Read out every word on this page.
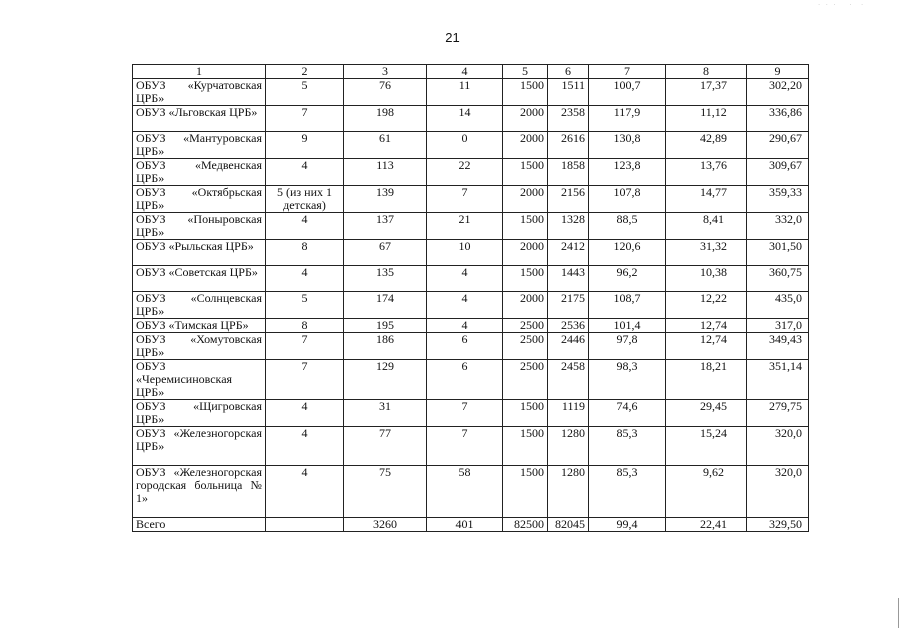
· · ·   ·  ·
21
1	2	3	4	5	6	7	8	9
ОБУЗ «Курчатовская ЦРБ»	5	76	11	1500	1511	100,7	17,37	302,20
ОБУЗ «Льговская ЦРБ»	7	198	14	2000	2358	117,9	11,12	336,86
ОБУЗ «Мантуровская ЦРБ»	9	61	0	2000	2616	130,8	42,89	290,67
ОБУЗ «Медвенская ЦРБ»	4	113	22	1500	1858	123,8	13,76	309,67
ОБУЗ «Октябрьская ЦРБ»	5 (из них 1 детская)	139	7	2000	2156	107,8	14,77	359,33
ОБУЗ «Поныровская ЦРБ»	4	137	21	1500	1328	88,5	8,41	332,0
ОБУЗ «Рыльская ЦРБ»	8	67	10	2000	2412	120,6	31,32	301,50
ОБУЗ «Советская ЦРБ»	4	135	4	1500	1443	96,2	10,38	360,75
ОБУЗ «Солнцевская ЦРБ»	5	174	4	2000	2175	108,7	12,22	435,0
ОБУЗ «Тимская ЦРБ»	8	195	4	2500	2536	101,4	12,74	317,0
ОБУЗ «Хомутовская ЦРБ»	7	186	6	2500	2446	97,8	12,74	349,43
ОБУЗ «Черемисиновская ЦРБ»	7	129	6	2500	2458	98,3	18,21	351,14
ОБУЗ «Щигровская ЦРБ»	4	31	7	1500	1119	74,6	29,45	279,75
ОБУЗ «Железногорская ЦРБ»	4	77	7	1500	1280	85,3	15,24	320,0
ОБУЗ «Железногорская городская больница № 1»	4	75	58	1500	1280	85,3	9,62	320,0
Всего		3260	401	82500	82045	99,4	22,41	329,50
